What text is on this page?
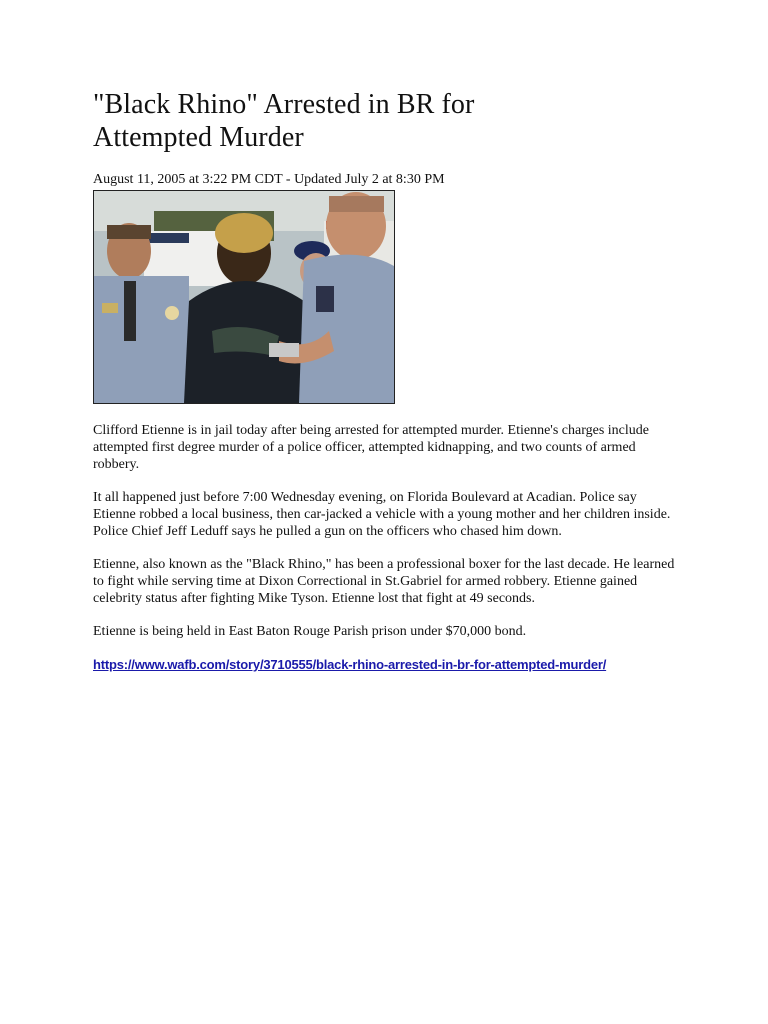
"Black Rhino" Arrested in BR for
Attempted Murder
August 11, 2005 at 3:22 PM CDT - Updated July 2 at 8:30 PM

Clifford Etienne is in jail today after being arrested for attempted murder. Etienne's charges include attempted first degree murder of a police officer, attempted kidnapping, and two counts of armed robbery.

It all happened just before 7:00 Wednesday evening, on Florida Boulevard at Acadian. Police say Etienne robbed a local business, then car-jacked a vehicle with a young mother and her children inside. Police Chief Jeff Leduff says he pulled a gun on the officers who chased him down.

Etienne, also known as the "Black Rhino," has been a professional boxer for the last decade. He learned to fight while serving time at Dixon Correctional in St.Gabriel for armed robbery. Etienne gained celebrity status after fighting Mike Tyson. Etienne lost that fight at 49 seconds.

Etienne is being held in East Baton Rouge Parish prison under $70,000 bond.

https://www.wafb.com/story/3710555/black-rhino-arrested-in-br-for-attempted-murder/
